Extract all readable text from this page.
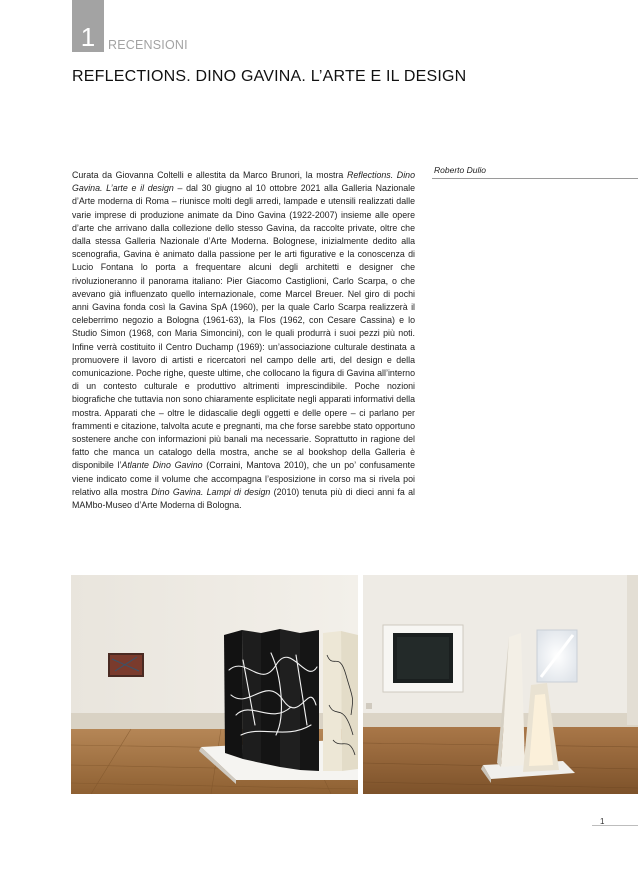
1	RECENSIONI
REFLECTIONS. DINO GAVINA. L’ARTE E IL DESIGN
Roberto Dulio

Curata da Giovanna Coltelli e allestita da Marco Brunori, la mostra Reflections. Dino Gavina. L’arte e il design – dal 30 giugno al 10 ottobre 2021 alla Galleria Nazionale d’Arte moderna di Roma – riunisce molti degli arredi, lampade e utensili realizzati dalle varie imprese di produzione animate da Dino Gavina (1922-2007) insieme alle opere d’arte che arrivano dalla collezione dello stesso Gavina, da raccolte private, oltre che dalla stessa Galleria Nazionale d’Arte Moderna. Bolognese, inizialmente dedito alla scenografia, Gavina è animato dalla passione per le arti figurative e la conoscenza di Lucio Fontana lo porta a frequentare alcuni degli architetti e designer che rivoluzioneranno il panorama italiano: Pier Giacomo Castiglioni, Carlo Scarpa, o che avevano già influenzato quello internazionale, come Marcel Breuer. Nel giro di pochi anni Gavina fonda così la Gavina SpA (1960), per la quale Carlo Scarpa realizzerà il celeberrimo negozio a Bologna (1961-63), la Flos (1962, con Cesare Cassina) e lo Studio Simon (1968, con Maria Simoncini), con le quali produrrà i suoi pezzi più noti. Infine verrà costituito il Centro Duchamp (1969): un’associazione culturale destinata a promuovere il lavoro di artisti e ricercatori nel campo delle arti, del design e della comunicazione. Poche righe, queste ultime, che collocano la figura di Gavina all’interno di un contesto culturale e produttivo altrimenti imprescindibile. Poche nozioni biografiche che tuttavia non sono chiaramente esplicitate negli apparati informativi della mostra. Apparati che – oltre le didascalie degli oggetti e delle opere – ci parlano per frammenti e citazione, talvolta acute e pregnanti, ma che forse sarebbe stato opportuno sostenere anche con informazioni più banali ma necessarie. Soprattutto in ragione del fatto che manca un catalogo della mostra, anche se al bookshop della Galleria è disponibile l’Atlante Dino Gavino (Corraini, Mantova 2010), che un po’ confusamente viene indicato come il volume che accompagna l’esposizione in corso ma si rivela poi relativo alla mostra Dino Gavina. Lampi di design (2010) tenuta più di dieci anni fa al MAMbo-Museo d’Arte Moderna di Bologna.

1
